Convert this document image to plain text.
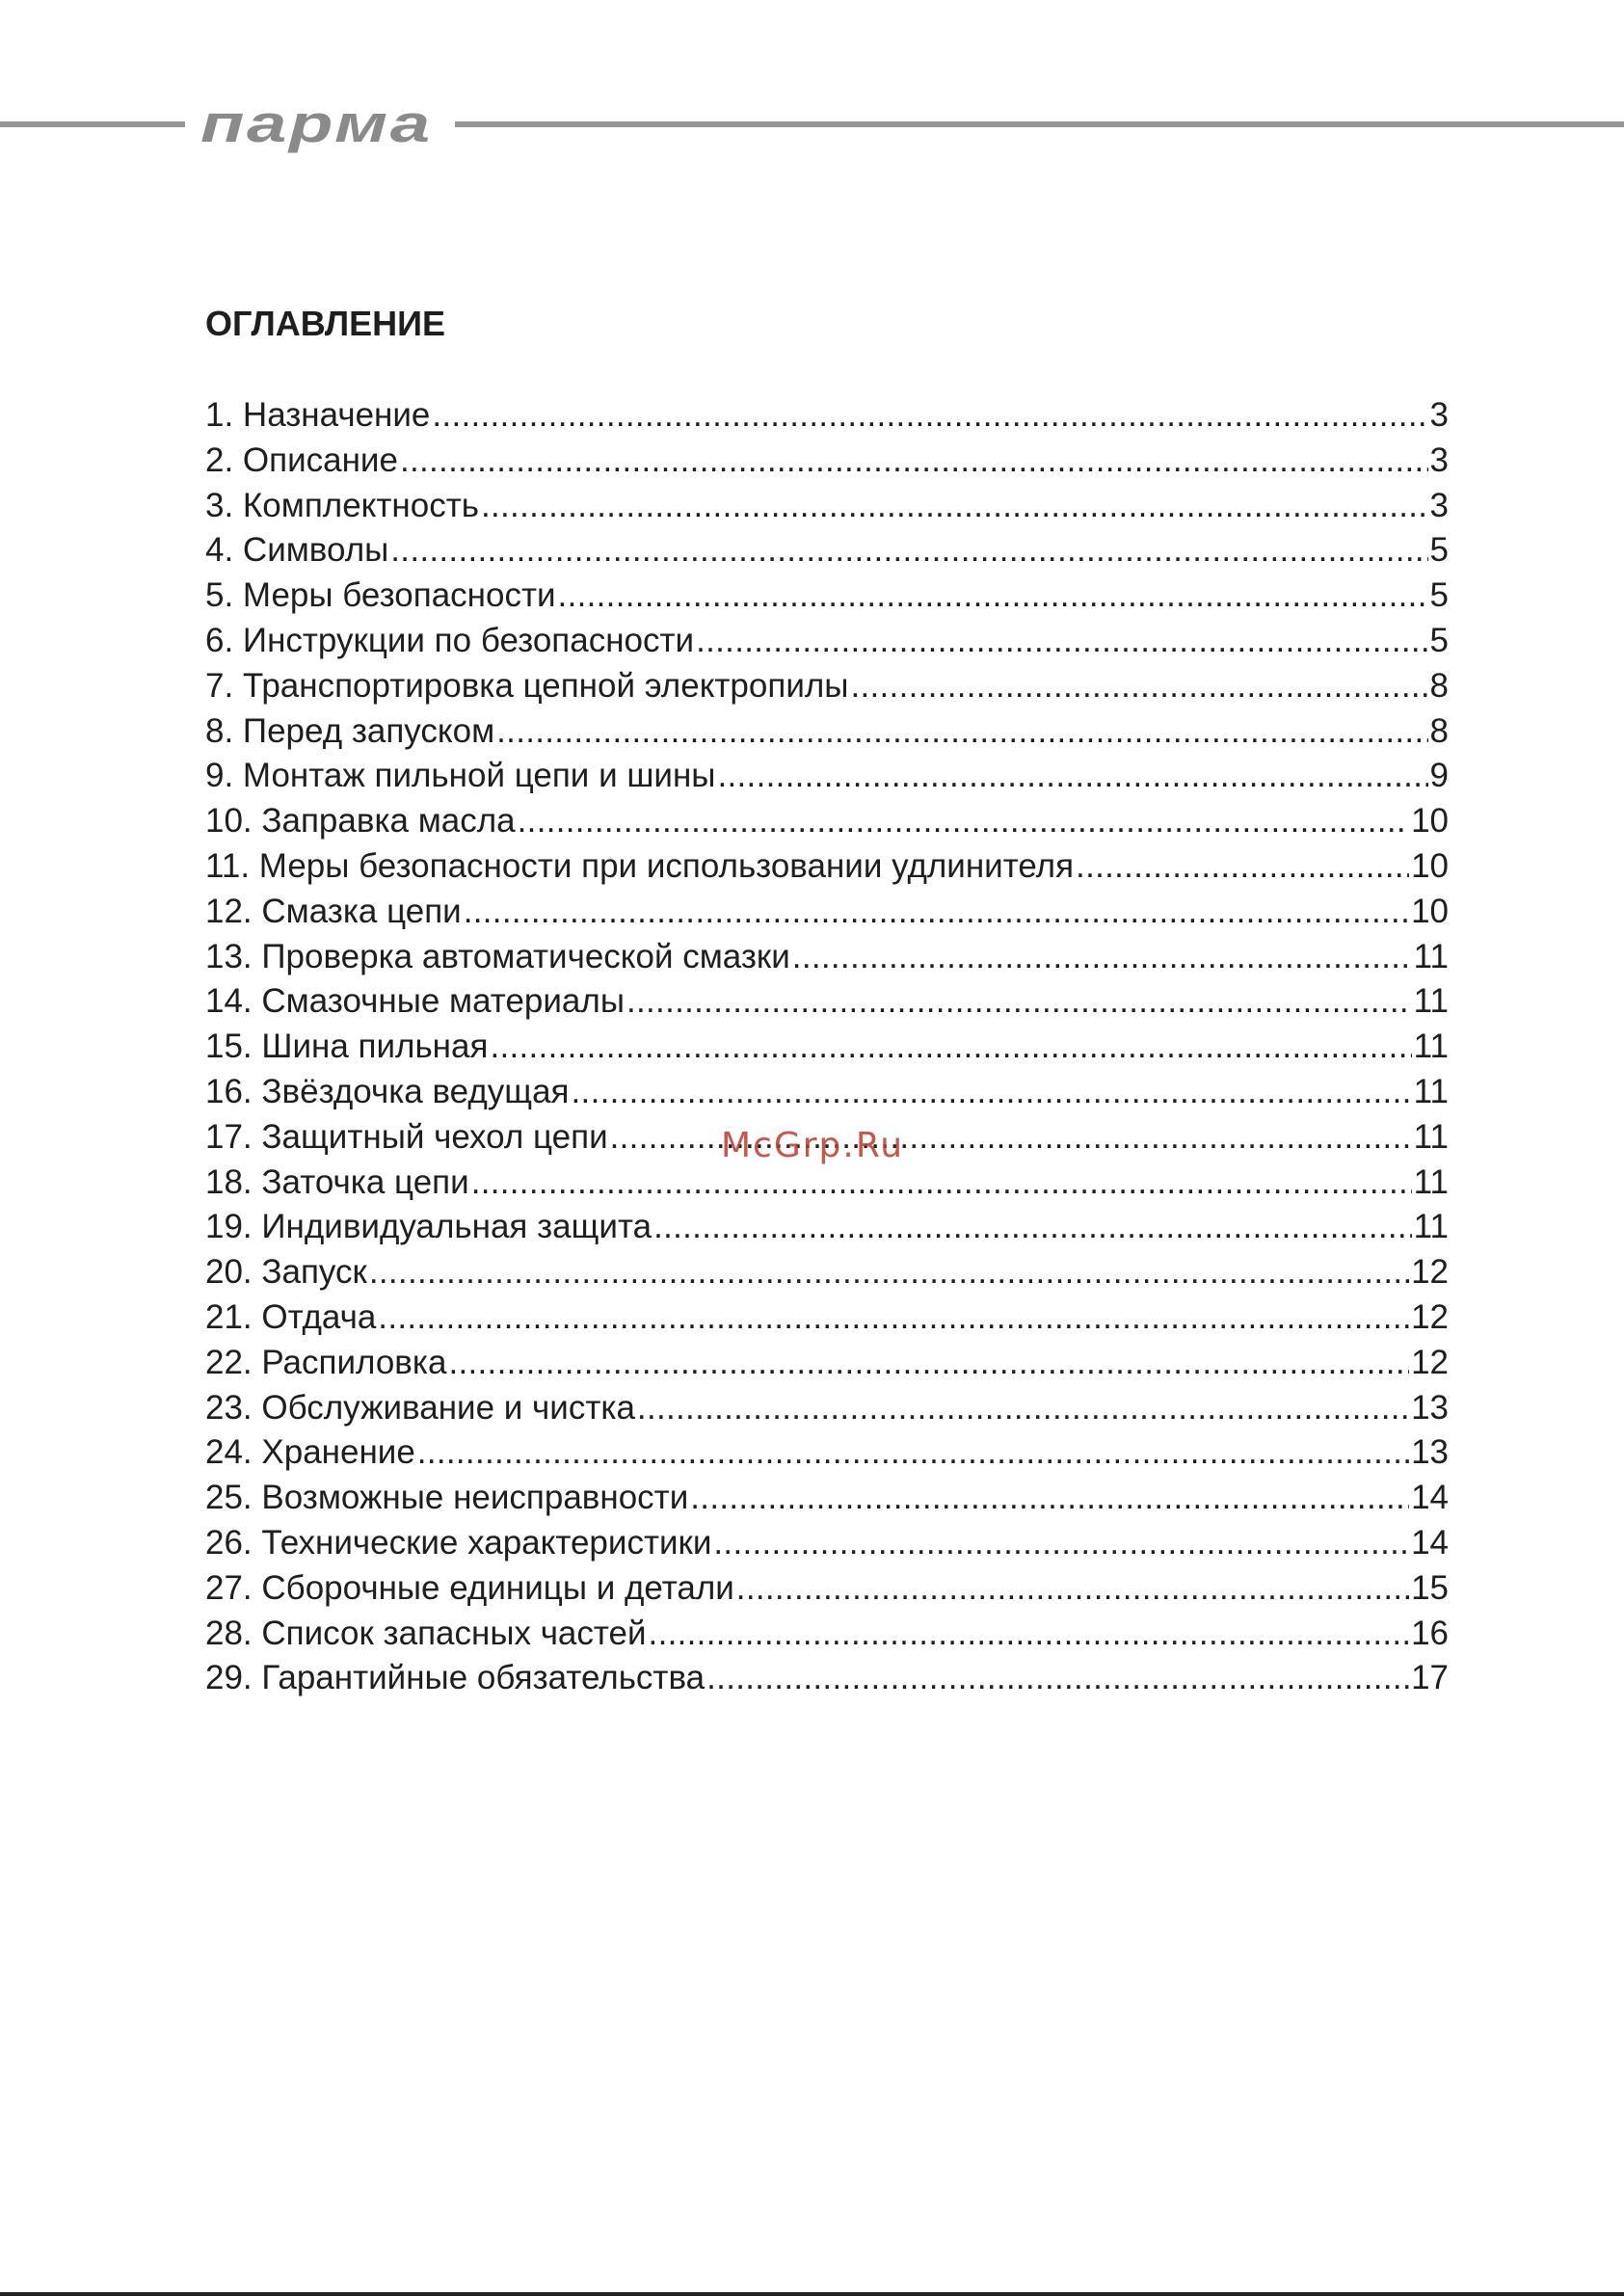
парма
ОГЛАВЛЕНИЕ
1. Назначение .....	3
2. Описание .....	3
3. Комплектность .....	3
4. Символы .....	5
5. Меры безопасности .....	5
6. Инструкции по безопасности .....	5
7. Транспортировка цепной электропилы .....	8
8. Перед запуском .....	8
9. Монтаж пильной цепи и шины .....	9
10. Заправка масла .....	10
11. Меры безопасности при использовании удлинителя .....	10
12. Смазка цепи .....	10
13. Проверка автоматической смазки .....	11
14. Смазочные материалы .....	11
15. Шина пильная .....	11
16. Звёздочка ведущая .....	11
17. Защитный чехол цепи .....	11
18. Заточка цепи .....	11
19. Индивидуальная защита .....	11
20. Запуск .....	12
21. Отдача .....	12
22. Распиловка .....	12
23. Обслуживание и чистка .....	13
24. Хранение .....	13
25. Возможные неисправности .....	14
26. Технические характеристики .....	14
27. Сборочные единицы и детали .....	15
28. Список запасных частей .....	16
29. Гарантийные обязательства .....	17
McGrp.Ru
